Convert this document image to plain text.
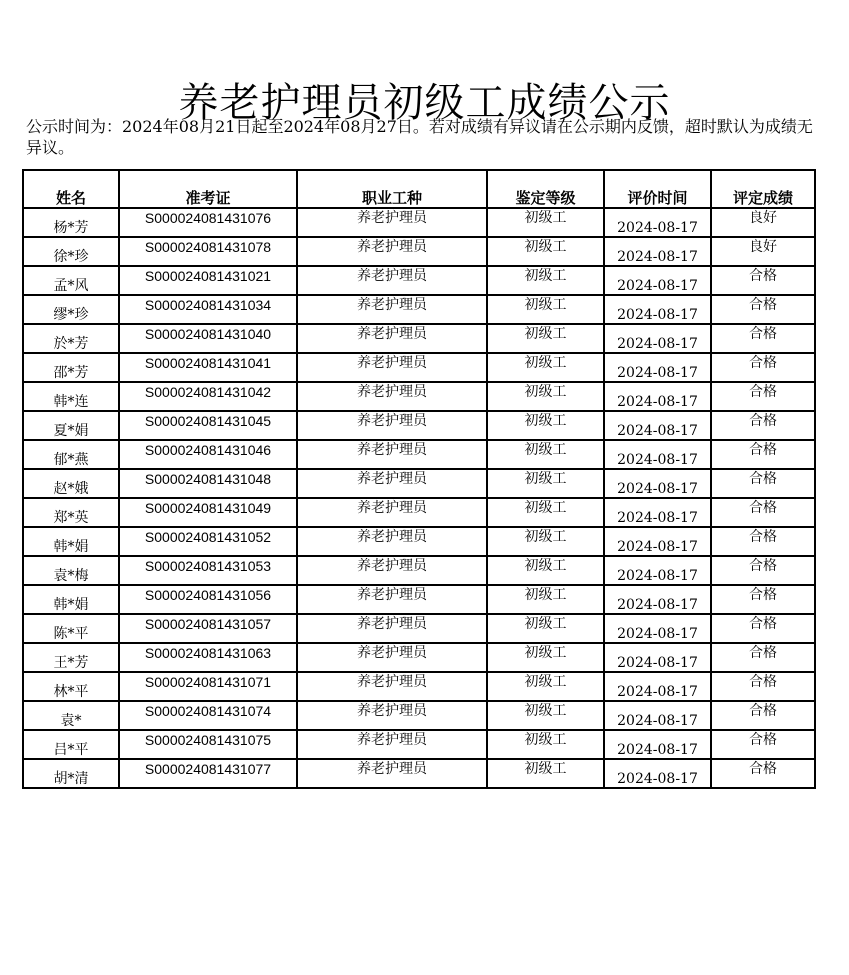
养老护理员初级工成绩公示

公示时间为：2024年08月21日起至2024年08月27日。若对成绩有异议请在公示期内反馈，超时默认为成绩无异议。

姓名	准考证	职业工种	鉴定等级	评价时间	评定成绩
杨*芳	S000024081431076	养老护理员	初级工	2024-08-17	良好
徐*珍	S000024081431078	养老护理员	初级工	2024-08-17	良好
孟*风	S000024081431021	养老护理员	初级工	2024-08-17	合格
缪*珍	S000024081431034	养老护理员	初级工	2024-08-17	合格
於*芳	S000024081431040	养老护理员	初级工	2024-08-17	合格
邵*芳	S000024081431041	养老护理员	初级工	2024-08-17	合格
韩*连	S000024081431042	养老护理员	初级工	2024-08-17	合格
夏*娟	S000024081431045	养老护理员	初级工	2024-08-17	合格
郁*燕	S000024081431046	养老护理员	初级工	2024-08-17	合格
赵*娥	S000024081431048	养老护理员	初级工	2024-08-17	合格
郑*英	S000024081431049	养老护理员	初级工	2024-08-17	合格
韩*娟	S000024081431052	养老护理员	初级工	2024-08-17	合格
袁*梅	S000024081431053	养老护理员	初级工	2024-08-17	合格
韩*娟	S000024081431056	养老护理员	初级工	2024-08-17	合格
陈*平	S000024081431057	养老护理员	初级工	2024-08-17	合格
王*芳	S000024081431063	养老护理员	初级工	2024-08-17	合格
林*平	S000024081431071	养老护理员	初级工	2024-08-17	合格
袁*	S000024081431074	养老护理员	初级工	2024-08-17	合格
吕*平	S000024081431075	养老护理员	初级工	2024-08-17	合格
胡*清	S000024081431077	养老护理员	初级工	2024-08-17	合格
